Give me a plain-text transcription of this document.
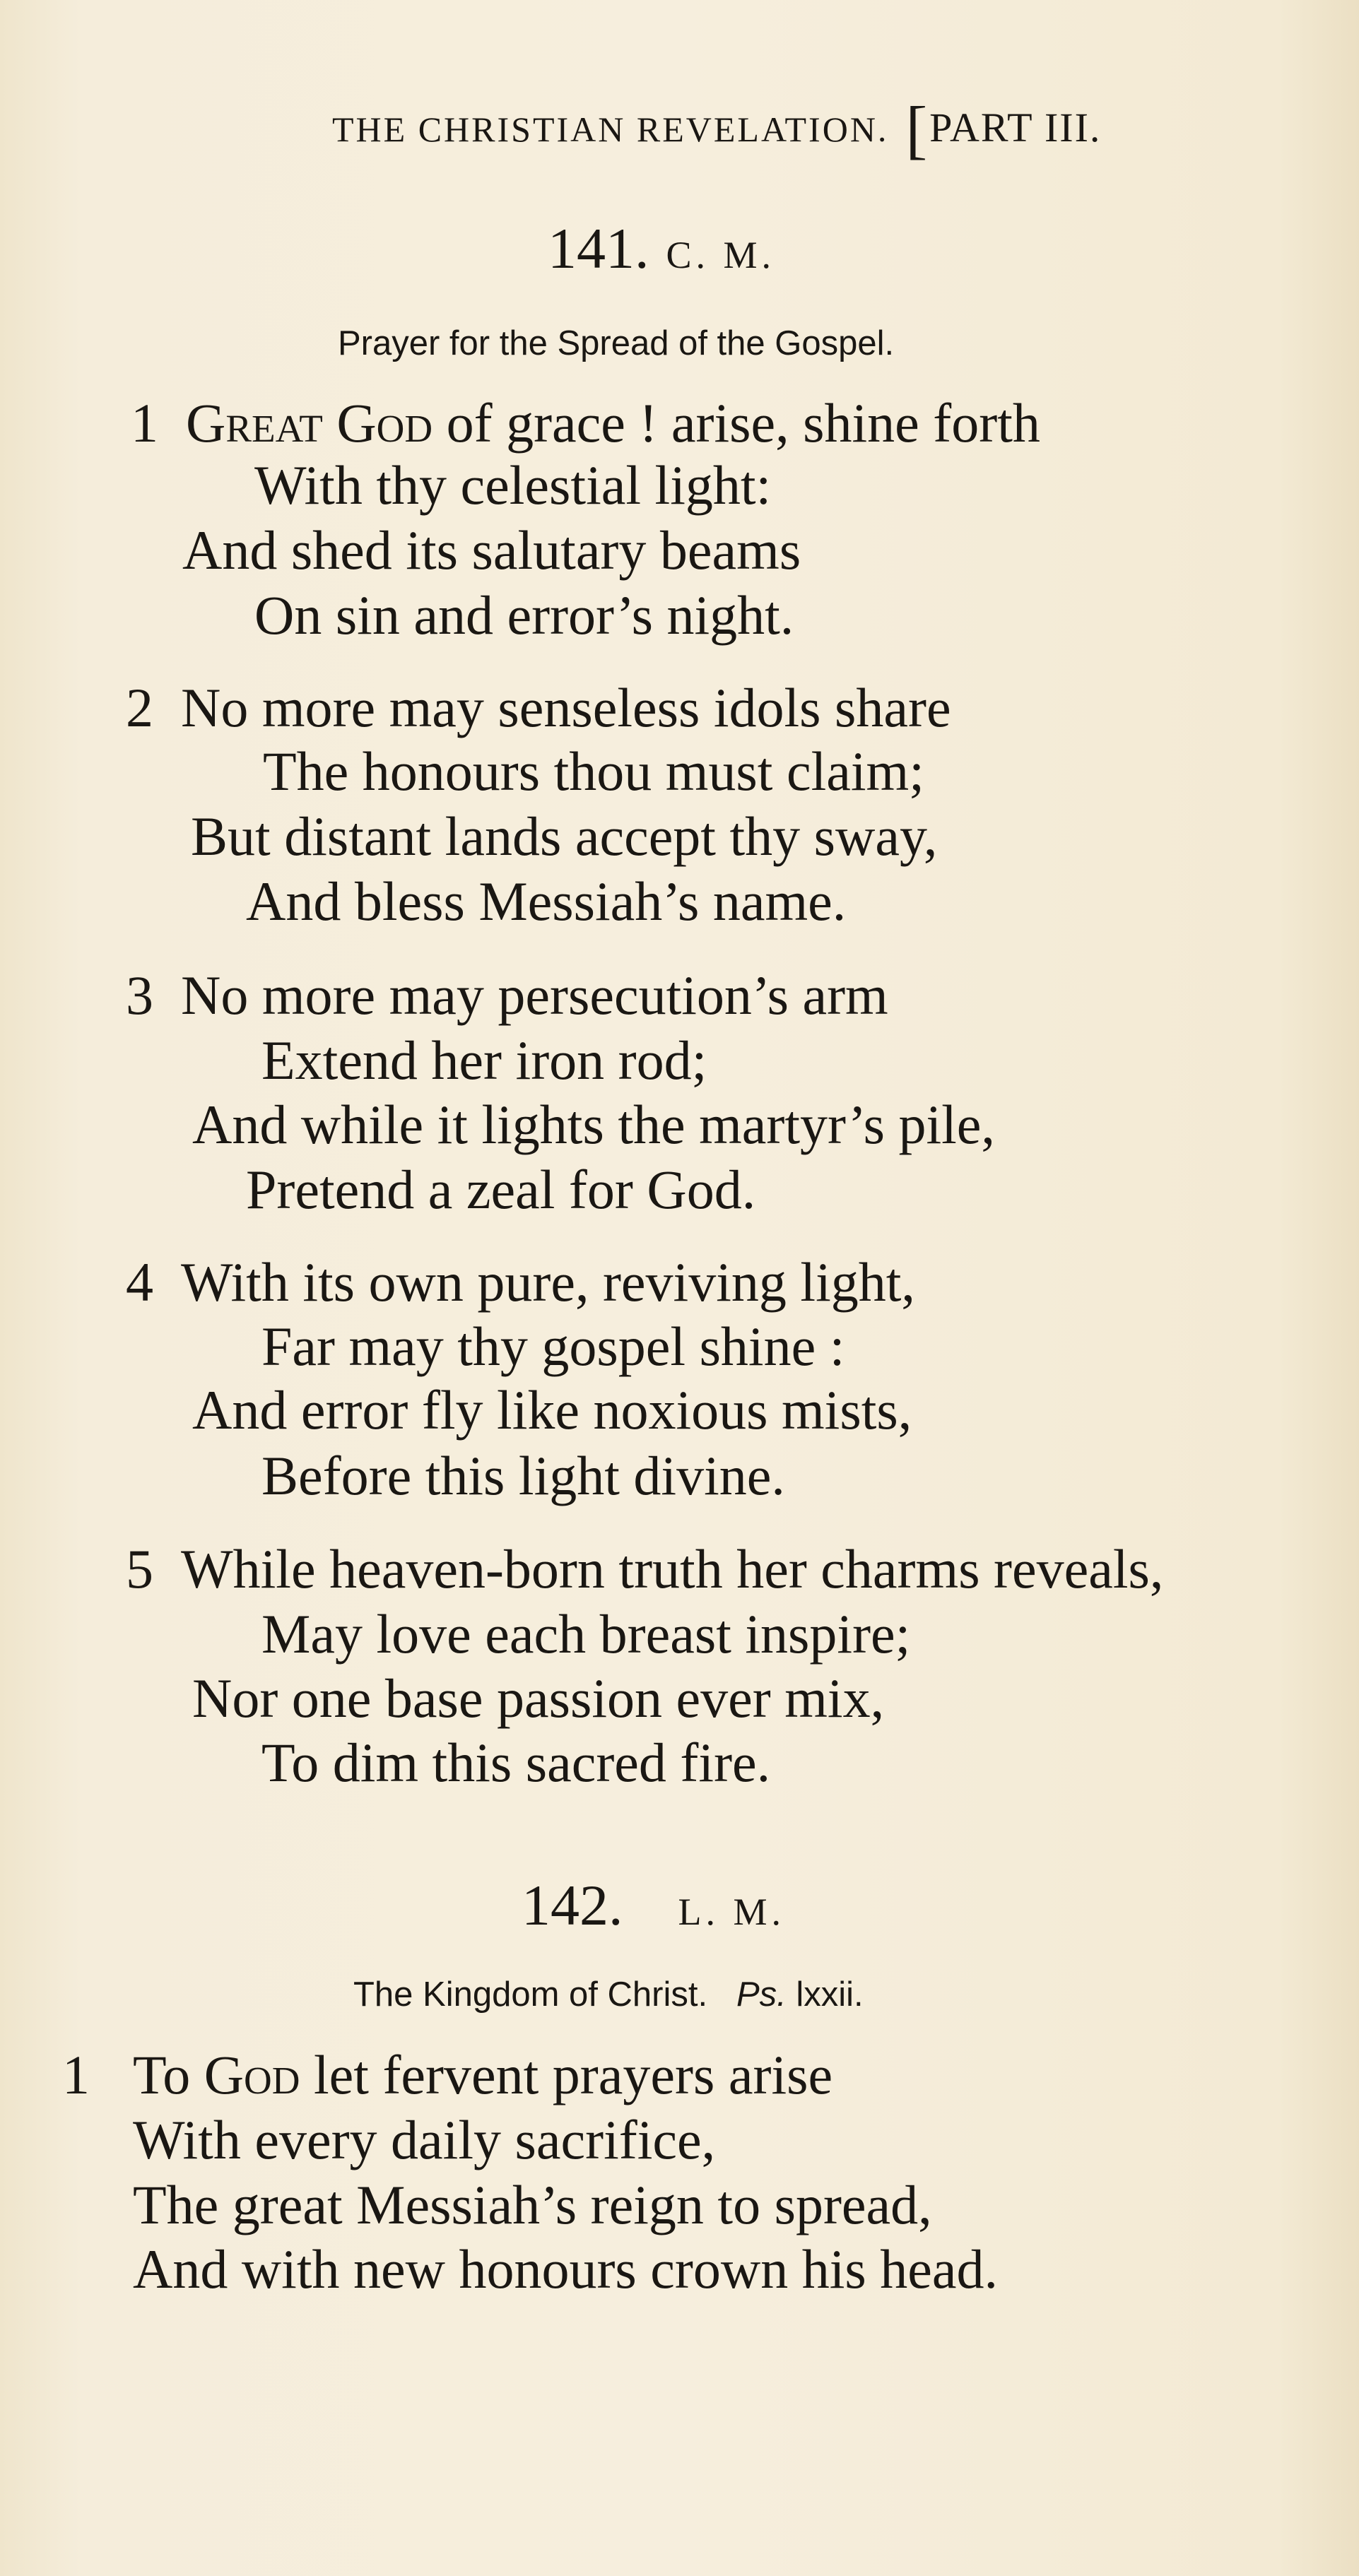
THE CHRISTIAN REVELATION. [PART III.
141. C. M.
Prayer for the Spread of the Gospel.
1 Great God of grace ! arise, shine forth
With thy celestial light:
And shed its salutary beams
On sin and error’s night.
2 No more may senseless idols share
The honours thou must claim;
But distant lands accept thy sway,
And bless Messiah’s name.
3 No more may persecution’s arm
Extend her iron rod;
And while it lights the martyr’s pile,
Pretend a zeal for God.
4 With its own pure, reviving light,
Far may thy gospel shine :
And error fly like noxious mists,
Before this light divine.
5 While heaven-born truth her charms reveals,
May love each breast inspire;
Nor one base passion ever mix,
To dim this sacred fire.
142. L. M.
The Kingdom of Christ. Ps. lxxii.
1 To God let fervent prayers arise
With every daily sacrifice,
The great Messiah’s reign to spread,
And with new honours crown his head.
